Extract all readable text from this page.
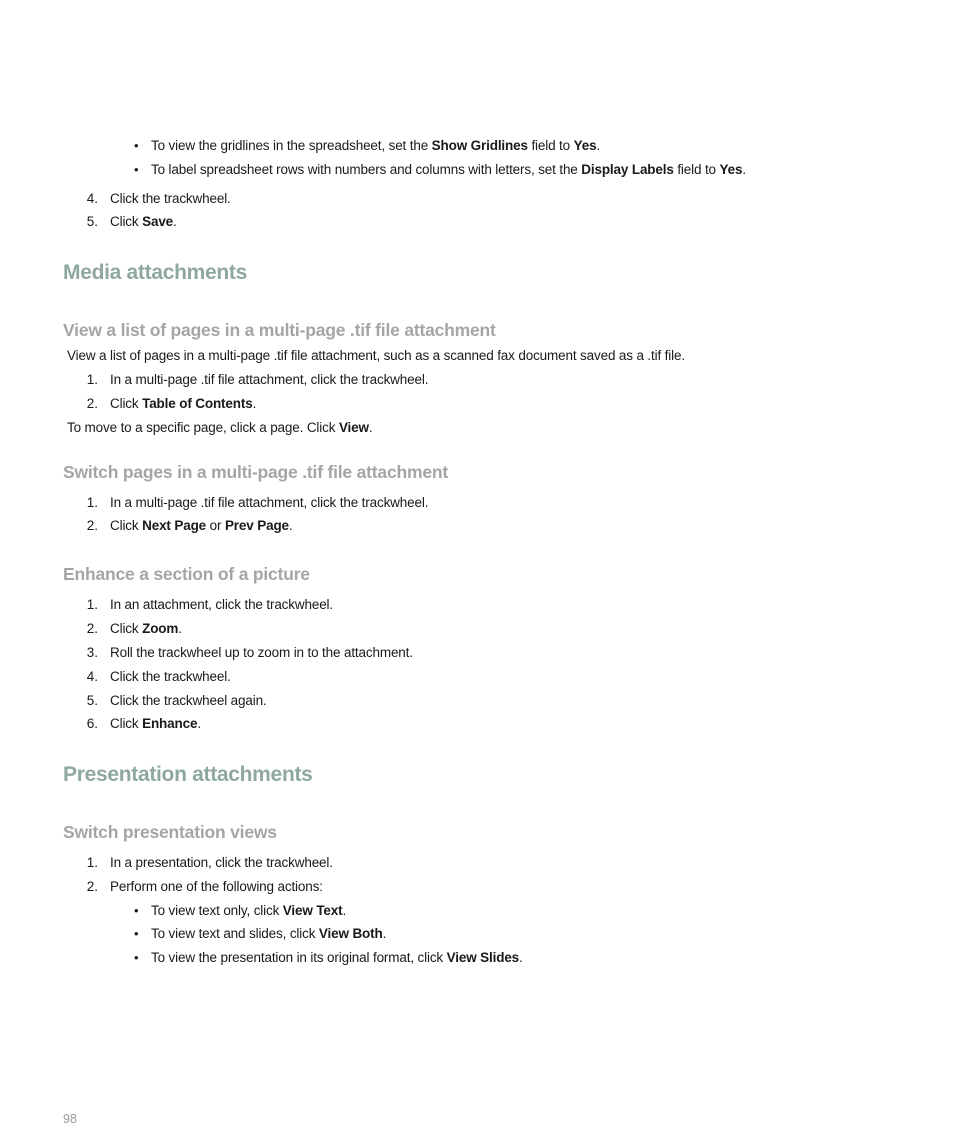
• To view the gridlines in the spreadsheet, set the Show Gridlines field to Yes.
• To label spreadsheet rows with numbers and columns with letters, set the Display Labels field to Yes.
4. Click the trackwheel.
5. Click Save.
Media attachments
View a list of pages in a multi-page .tif file attachment
View a list of pages in a multi-page .tif file attachment, such as a scanned fax document saved as a .tif file.
1. In a multi-page .tif file attachment, click the trackwheel.
2. Click Table of Contents.
To move to a specific page, click a page. Click View.
Switch pages in a multi-page .tif file attachment
1. In a multi-page .tif file attachment, click the trackwheel.
2. Click Next Page or Prev Page.
Enhance a section of a picture
1. In an attachment, click the trackwheel.
2. Click Zoom.
3. Roll the trackwheel up to zoom in to the attachment.
4. Click the trackwheel.
5. Click the trackwheel again.
6. Click Enhance.
Presentation attachments
Switch presentation views
1. In a presentation, click the trackwheel.
2. Perform one of the following actions:
• To view text only, click View Text.
• To view text and slides, click View Both.
• To view the presentation in its original format, click View Slides.
98
